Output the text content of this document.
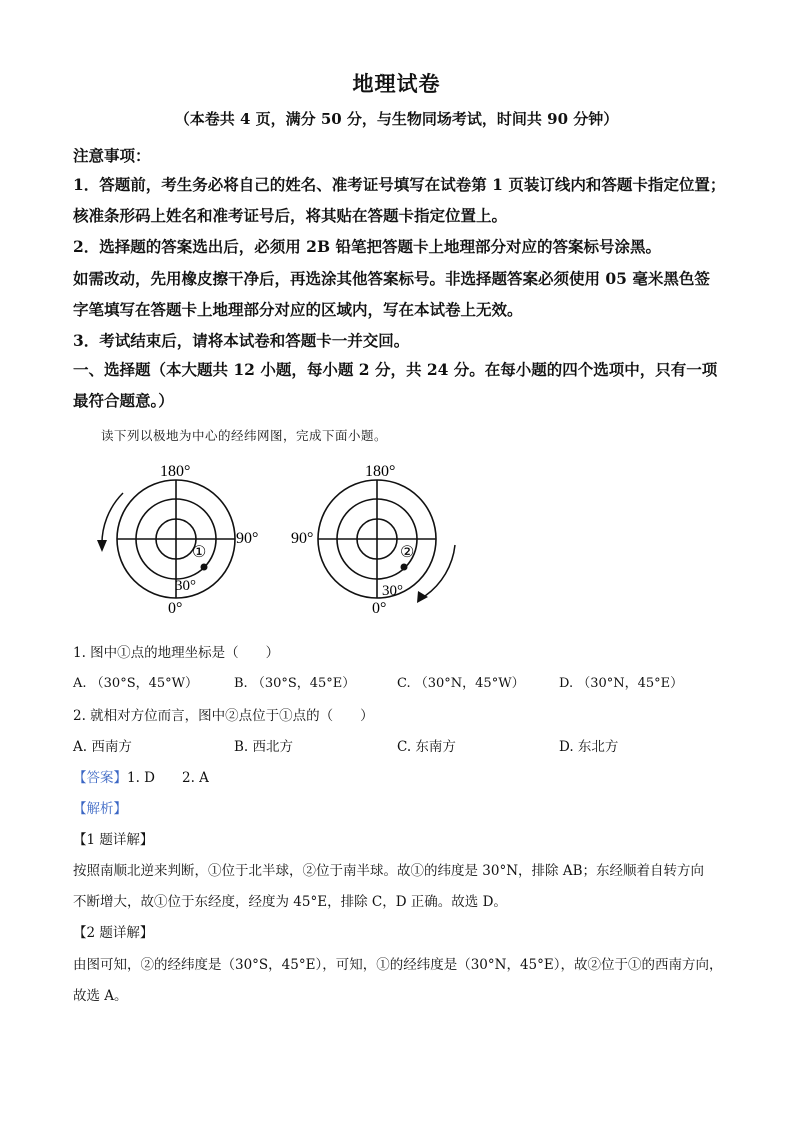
地理试卷
（本卷共 4 页，满分 50 分，与生物同场考试，时间共 90 分钟）
注意事项：
1．答题前，考生务必将自己的姓名、准考证号填写在试卷第 1 页装订线内和答题卡指定位置；
核准条形码上姓名和准考证号后，将其贴在答题卡指定位置上。
2．选择题的答案选出后，必须用 2B 铅笔把答题卡上地理部分对应的答案标号涂黑。
如需改动，先用橡皮擦干净后，再选涂其他答案标号。非选择题答案必须使用 05 毫米黑色签
字笔填写在答题卡上地理部分对应的区域内，写在本试卷上无效。
3．考试结束后，请将本试卷和答题卡一并交回。
一、选择题（本大题共 12 小题，每小题 2 分，共 24 分。在每小题的四个选项中，只有一项
最符合题意。）
读下列以极地为中心的经纬网图，完成下面小题。
①
180°
90°
30°
0°
②
180°
90°
30°
0°
1. 图中①点的地理坐标是（　　）
A. （30°S，45°W）	B. （30°S，45°E）	C. （30°N，45°W）	D. （30°N，45°E）
2. 就相对方位而言，图中②点位于①点的（　　）
A. 西南方	B. 西北方	C. 东南方	D. 东北方
【答案】1. D　　2. A
【解析】
【1 题详解】
按照南顺北逆来判断，①位于北半球，②位于南半球。故①的纬度是 30°N，排除 AB；东经顺着自转方向
不断增大，故①位于东经度，经度为 45°E，排除 C，D 正确。故选 D。
【2 题详解】
由图可知，②的经纬度是（30°S，45°E），可知，①的经纬度是（30°N，45°E），故②位于①的西南方向，
故选 A。
